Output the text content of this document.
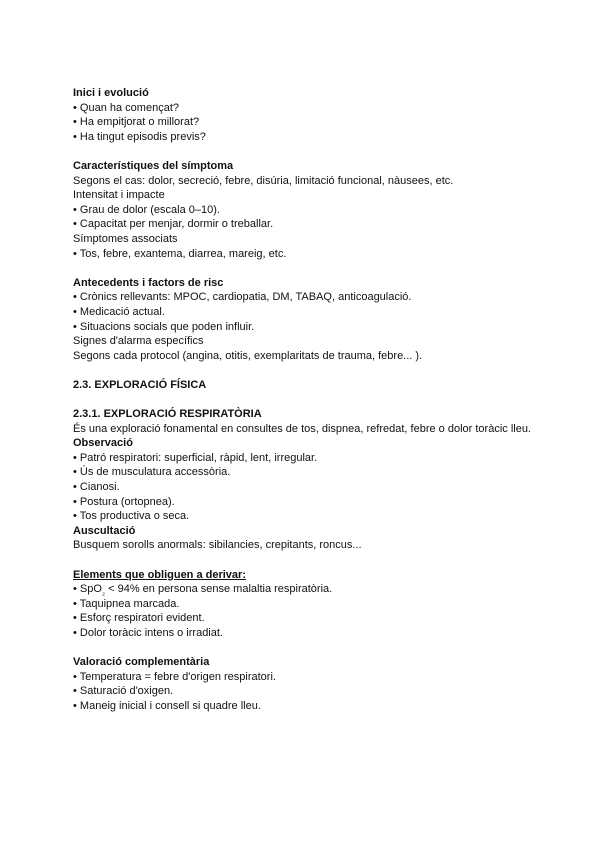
Inici i evolució
• Quan ha començat?
• Ha empitjorat o millorat?
• Ha tingut episodis previs?
Característiques del símptoma
Segons el cas: dolor, secreció, febre, disúria, limitació funcional, nàusees, etc.
Intensitat i impacte
• Grau de dolor (escala 0–10).
• Capacitat per menjar, dormir o treballar.
Símptomes associats
• Tos, febre, exantema, diarrea, mareig, etc.
Antecedents i factors de risc
• Crònics rellevants: MPOC, cardiopatia, DM, TABAQ, anticoagulació.
• Medicació actual.
• Situacions socials que poden influir.
Signes d'alarma específics
Segons cada protocol (angina, otitis, exemplaritats de trauma, febre... ).
2.3. EXPLORACIÓ FÍSICA
2.3.1. EXPLORACIÓ RESPIRATÒRIA
És una exploració fonamental en consultes de tos, dispnea, refredat, febre o dolor toràcic lleu.
Observació
• Patró respiratori: superficial, ràpid, lent, irregular.
• Ús de musculatura accessòria.
• Cianosi.
• Postura (ortopnea).
• Tos productiva o seca.
Auscultació
Busquem sorolls anormals: sibilancies, crepitants, roncus...
Elements que obliguen a derivar:
• SpO$_{_2}$ < 94% en persona sense malaltia respiratòria.
• Taquipnea marcada.
• Esforç respiratori evident.
• Dolor toràcic intens o irradiat.
Valoració complementària
• Temperatura = febre d'origen respiratori.
• Saturació d'oxigen.
• Maneig inicial i consell si quadre lleu.
